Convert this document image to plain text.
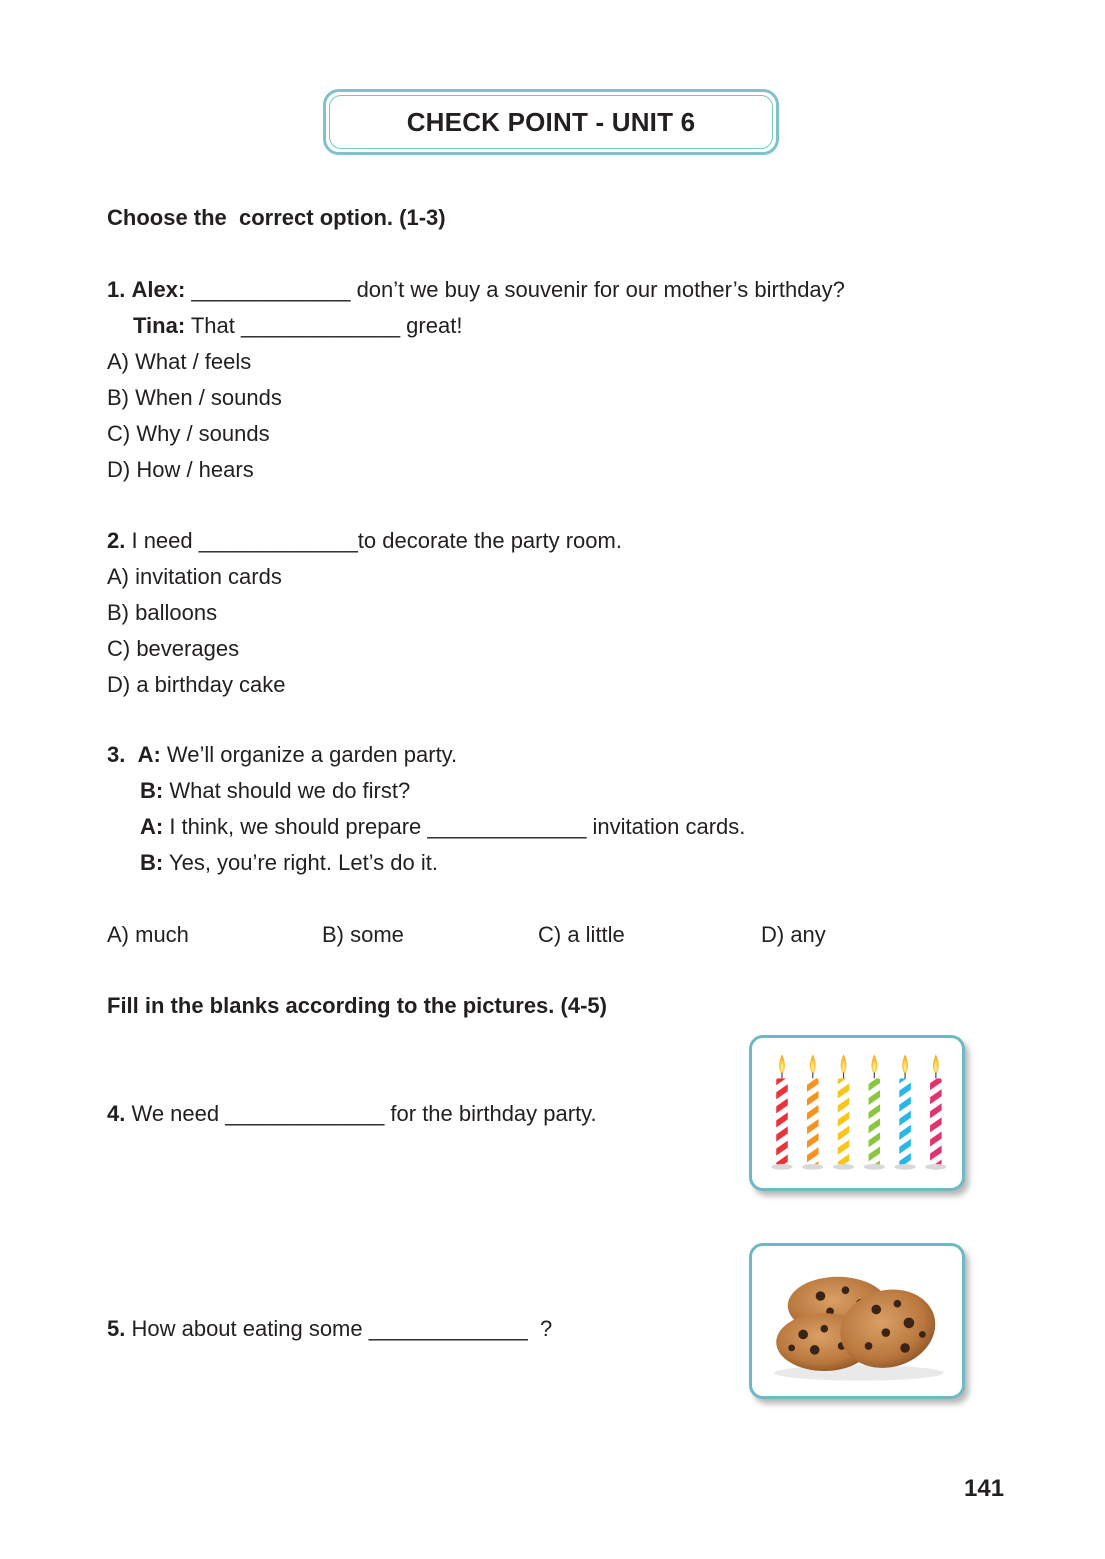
CHECK POINT - UNIT 6
Choose the  correct option. (1-3)
1. Alex: _____________ don’t we buy a souvenir for our mother’s birthday?
Tina: That _____________ great!
A) What / feels
B) When / sounds
C) Why / sounds
D) How / hears
2. I need _____________to decorate the party room.
A) invitation cards
B) balloons
C) beverages
D) a birthday cake
3. A: We’ll organize a garden party.
B: What should we do first?
A: I think, we should prepare _____________ invitation cards.
B: Yes, you’re right. Let’s do it.
A) much	B) some	C) a little	D) any
Fill in the blanks according to the pictures. (4-5)
4. We need _____________ for the birthday party.
5. How about eating some _____________  ?
141
